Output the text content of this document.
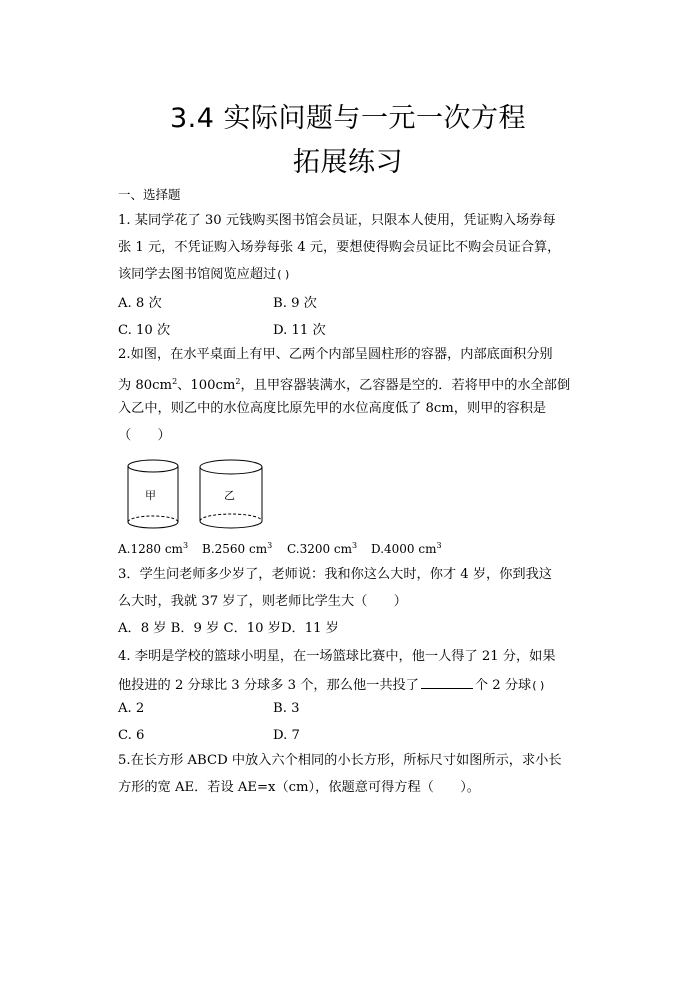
3.4 实际问题与一元一次方程
拓展练习
一、选择题
1. 某同学花了 30 元钱购买图书馆会员证，只限本人使用，凭证购入场券每
张 1 元，不凭证购入场券每张 4 元，要想使得购会员证比不购会员证合算，
该同学去图书馆阅览应超过( )
A. 8 次	B. 9 次
C. 10 次	D. 11 次
2.如图，在水平桌面上有甲、乙两个内部呈圆柱形的容器，内部底面积分别
为 $80cm^2$、$100cm^2$，且甲容器装满水，乙容器是空的．若将甲中的水全部倒
入乙中，则乙中的水位高度比原先甲的水位高度低了 8cm，则甲的容积是
（　　）
甲	乙
A.1280 $cm^3$ B.2560 $cm^3$ C.3200 $cm^3$ D.4000 $cm^3$
3．学生问老师多少岁了，老师说：我和你这么大时，你才 4 岁，你到我这
么大时，我就 37 岁了，则老师比学生大（　　）
A．8 岁 B．9 岁 C．10 岁D．11 岁
4. 李明是学校的篮球小明星，在一场篮球比赛中，他一人得了 21 分，如果
他投进的 2 分球比 3 分球多 3 个，那么他一共投了	个 2 分球( )
A. 2	B. 3
C. 6	D. 7
5.在长方形 ABCD 中放入六个相同的小长方形，所标尺寸如图所示，求小长
方形的宽 AE．若设 AE=x（cm），依题意可得方程（　　）。
